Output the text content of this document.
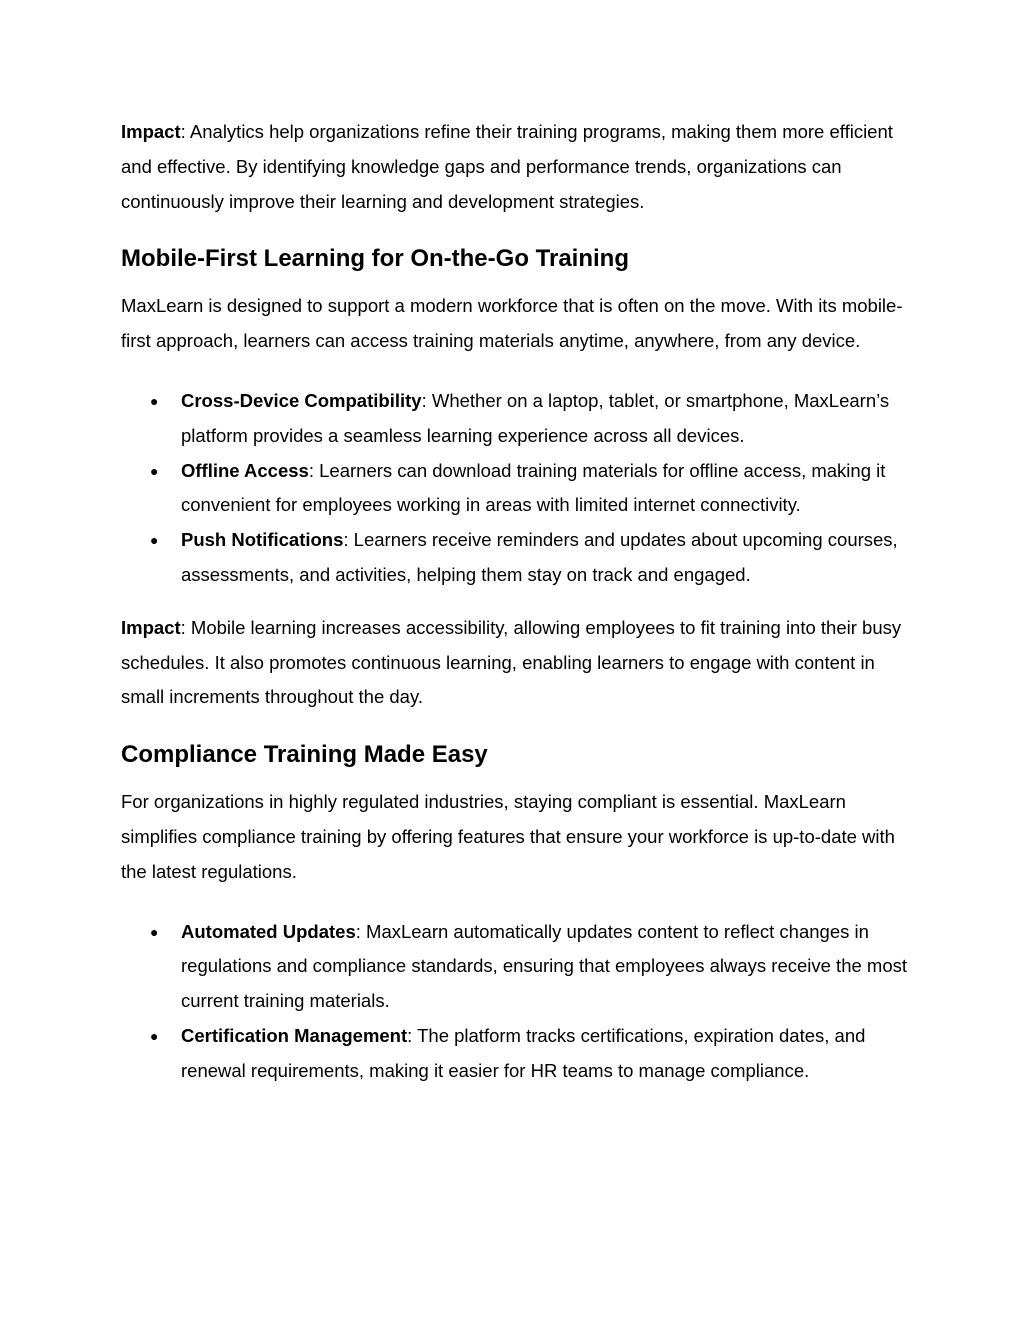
Impact: Analytics help organizations refine their training programs, making them more efficient and effective. By identifying knowledge gaps and performance trends, organizations can continuously improve their learning and development strategies.

Mobile-First Learning for On-the-Go Training

MaxLearn is designed to support a modern workforce that is often on the move. With its mobile-first approach, learners can access training materials anytime, anywhere, from any device.

● Cross-Device Compatibility: Whether on a laptop, tablet, or smartphone, MaxLearn’s platform provides a seamless learning experience across all devices.
● Offline Access: Learners can download training materials for offline access, making it convenient for employees working in areas with limited internet connectivity.
● Push Notifications: Learners receive reminders and updates about upcoming courses, assessments, and activities, helping them stay on track and engaged.

Impact: Mobile learning increases accessibility, allowing employees to fit training into their busy schedules. It also promotes continuous learning, enabling learners to engage with content in small increments throughout the day.

Compliance Training Made Easy

For organizations in highly regulated industries, staying compliant is essential. MaxLearn simplifies compliance training by offering features that ensure your workforce is up-to-date with the latest regulations.

● Automated Updates: MaxLearn automatically updates content to reflect changes in regulations and compliance standards, ensuring that employees always receive the most current training materials.
● Certification Management: The platform tracks certifications, expiration dates, and renewal requirements, making it easier for HR teams to manage compliance.
